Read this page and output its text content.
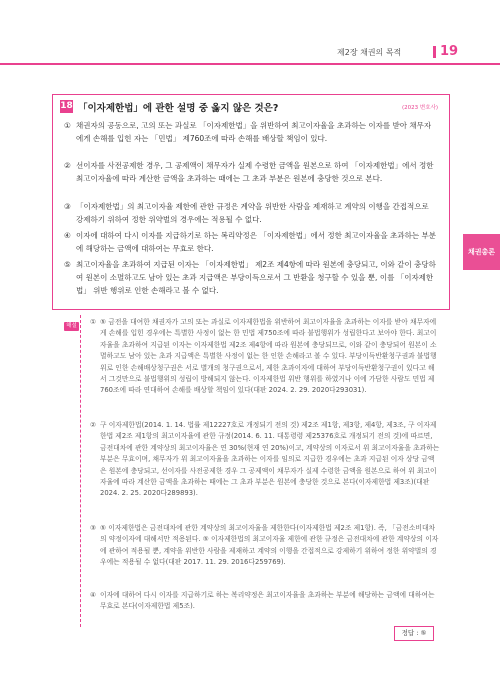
제2장 채권의 목적	19
18 「이자제한법」에 관한 설명 중 옳지 않은 것은?	(2023 변호사)
① 채권자의 공동으로, 고의 또는 과실로 「이자제한법」을 위반하여 최고이자율을 초과하는 이자를 받아 채무자에게 손해를 입힌 자는 「민법」 제760조에 따라 손해를 배상할 책임이 있다.
② 선이자를 사전공제한 경우, 그 공제액이 채무자가 실제 수령한 금액을 원본으로 하여 「이자제한법」에서 정한 최고이자율에 따라 계산한 금액을 초과하는 때에는 그 초과 부분은 원본에 충당한 것으로 본다.
③ 「이자제한법」의 최고이자율 제한에 관한 규정은 계약을 위반한 사람을 제재하고 계약의 이행을 간접적으로 강제하기 위하여 정한 위약벌의 경우에는 적용될 수 없다.
④ 이자에 대하여 다시 이자를 지급하기로 하는 복리약정은 「이자제한법」에서 정한 최고이자율을 초과하는 부분에 해당하는 금액에 대하여는 무효로 한다.
⑤ 최고이자율을 초과하여 지급된 이자는 「이자제한법」 제2조 제4항에 따라 원본에 충당되고, 이와 같이 충당하여 원본이 소멸하고도 남아 있는 초과 지급액은 부당이득으로서 그 반환을 청구할 수 있을 뿐, 이를 「이자제한법」 위반 행위로 인한 손해라고 볼 수 없다.
채권총론
해설	① ⑤ 금전을 대여한 채권자가 고의 또는 과실로 이자제한법을 위반하여 최고이자율을 초과하는 이자를 받아 채무자에게 손해를 입힌 경우에는 특별한 사정이 없는 한 민법 제750조에 따라 불법행위가 성립한다고 보아야 한다. 최고이자율을 초과하여 지급된 이자는 이자제한법 제2조 제4항에 따라 원본에 충당되므로, 이와 같이 충당되어 원본이 소멸하고도 남아 있는 초과 지급액은 특별한 사정이 없는 한 인한 손해라고 볼 수 있다. 부당이득반환청구권과 불법행위로 인한 손해배상청구권은 서로 별개의 청구권으로서, 제한 초과이자에 대하여 부당이득반환청구권이 있다고 해서 그것만으로 불법행위의 성립이 방해되지 않는다. 이자제한법 위반 행위를 하였거나 이에 가담한 사람도 민법 제760조에 따라 연대하여 손해를 배상할 책임이 있다(대판 2024. 2. 29. 2020다293031).
② 구 이자제한법(2014. 1. 14. 법률 제12227호로 개정되기 전의 것) 제2조 제1항, 제3항, 제4항, 제3조, 구 이자제한법 제2조 제1항의 최고이자율에 관한 규정(2014. 6. 11. 대통령령 제25376호로 개정되기 전의 것)에 따르면, 금전대차에 관한 계약상의 최고이자율은 연 30%(현재 연 20%)이고, 계약상의 이자로서 위 최고이자율을 초과하는 부분은 무효이며, 채무자가 위 최고이자율을 초과하는 이자를 임의로 지급한 경우에는 초과 지급된 이자 상당 금액은 원본에 충당되고, 선이자를 사전공제한 경우 그 공제액이 채무자가 실제 수령한 금액을 원본으로 하여 위 최고이자율에 따라 계산한 금액을 초과하는 때에는 그 초과 부분은 원본에 충당한 것으로 본다(이자제한법 제3조)(대판 2024. 2. 25. 2020다289893).
③ ⑤ 이자제한법은 금전대차에 관한 계약상의 최고이자율을 제한한다(이자제한법 제2조 제1항). 즉, 「금전소비대차의 약정이자에 대해서만 적용된다. ⑤ 이자제한법의 최고이자율 제한에 관한 규정은 금전대차에 관한 계약상의 이자에 관하여 적용될 뿐, 계약을 위반한 사람을 제재하고 계약의 이행을 간접적으로 강제하기 위하여 정한 위약벌의 경우에는 적용될 수 없다(대판 2017. 11. 29. 2016다259769).
④ 이자에 대하여 다시 이자를 지급하기로 하는 복리약정은 최고이자율을 초과하는 부분에 해당하는 금액에 대하여는 무효로 본다(이자제한법 제5조).
정답 : ⑤
